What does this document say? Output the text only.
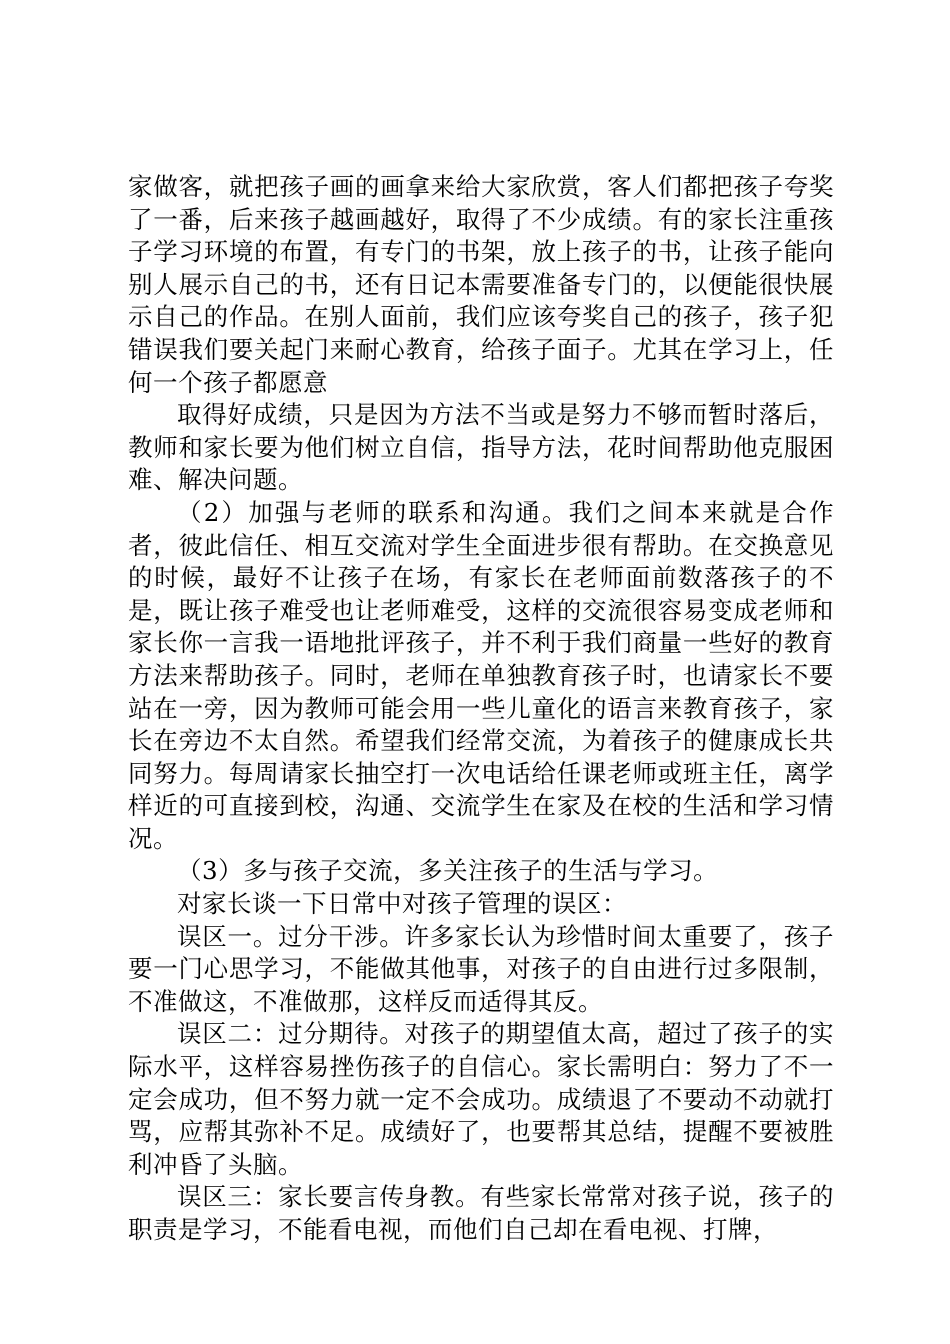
家做客，就把孩子画的画拿来给大家欣赏，客人们都把孩子夸奖了一番，后来孩子越画越好，取得了不少成绩。有的家长注重孩子学习环境的布置，有专门的书架，放上孩子的书，让孩子能向别人展示自己的书，还有日记本需要准备专门的，以便能很快展示自己的作品。在别人面前，我们应该夸奖自己的孩子，孩子犯错误我们要关起门来耐心教育，给孩子面子。尤其在学习上，任何一个孩子都愿意

取得好成绩，只是因为方法不当或是努力不够而暂时落后，教师和家长要为他们树立自信，指导方法，花时间帮助他克服困难、解决问题。

（2）加强与老师的联系和沟通。我们之间本来就是合作者，彼此信任、相互交流对学生全面进步很有帮助。在交换意见的时候，最好不让孩子在场，有家长在老师面前数落孩子的不是，既让孩子难受也让老师难受，这样的交流很容易变成老师和家长你一言我一语地批评孩子，并不利于我们商量一些好的教育方法来帮助孩子。同时，老师在单独教育孩子时，也请家长不要站在一旁，因为教师可能会用一些儿童化的语言来教育孩子，家长在旁边不太自然。希望我们经常交流，为着孩子的健康成长共同努力。每周请家长抽空打一次电话给任课老师或班主任，离学样近的可直接到校，沟通、交流学生在家及在校的生活和学习情况。

（3）多与孩子交流，多关注孩子的生活与学习。

对家长谈一下日常中对孩子管理的误区：

误区一。过分干涉。许多家长认为珍惜时间太重要了，孩子要一门心思学习，不能做其他事，对孩子的自由进行过多限制，不准做这，不准做那，这样反而适得其反。

误区二：过分期待。对孩子的期望值太高，超过了孩子的实际水平，这样容易挫伤孩子的自信心。家长需明白：努力了不一定会成功，但不努力就一定不会成功。成绩退了不要动不动就打骂，应帮其弥补不足。成绩好了，也要帮其总结，提醒不要被胜利冲昏了头脑。

误区三：家长要言传身教。有些家长常常对孩子说，孩子的职责是学习，不能看电视，而他们自己却在看电视、打牌，
